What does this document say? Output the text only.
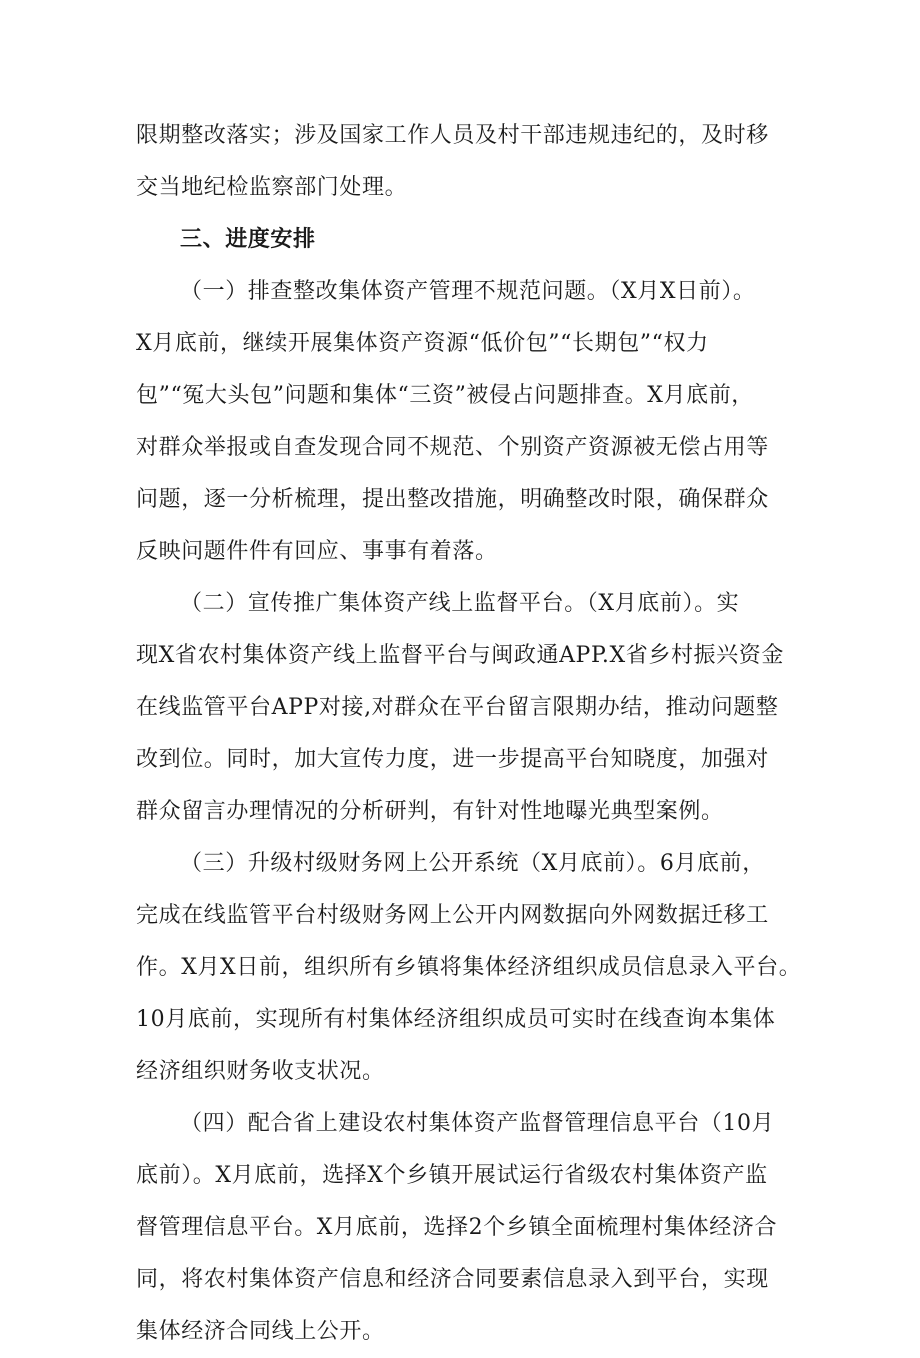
限期整改落实；涉及国家工作人员及村干部违规违纪的，及时移
交当地纪检监察部门处理。
三、进度安排
（一）排查整改集体资产管理不规范问题。（X月X日前）。
X月底前，继续开展集体资产资源“低价包”“长期包”“权力
包”“冤大头包”问题和集体“三资”被侵占问题排查。X月底前，
对群众举报或自查发现合同不规范、个别资产资源被无偿占用等
问题，逐一分析梳理，提出整改措施，明确整改时限，确保群众
反映问题件件有回应、事事有着落。
（二）宣传推广集体资产线上监督平台。（X月底前）。实
现X省农村集体资产线上监督平台与闽政通APP.X省乡村振兴资金
在线监管平台APP对接,对群众在平台留言限期办结，推动问题整
改到位。同时，加大宣传力度，进一步提高平台知晓度，加强对
群众留言办理情况的分析研判，有针对性地曝光典型案例。
（三）升级村级财务网上公开系统（X月底前）。6月底前，
完成在线监管平台村级财务网上公开内网数据向外网数据迁移工
作。X月X日前，组织所有乡镇将集体经济组织成员信息录入平台。
10月底前，实现所有村集体经济组织成员可实时在线查询本集体
经济组织财务收支状况。
（四）配合省上建设农村集体资产监督管理信息平台（10月
底前）。X月底前，选择X个乡镇开展试运行省级农村集体资产监
督管理信息平台。X月底前，选择2个乡镇全面梳理村集体经济合
同，将农村集体资产信息和经济合同要素信息录入到平台，实现
集体经济合同线上公开。
